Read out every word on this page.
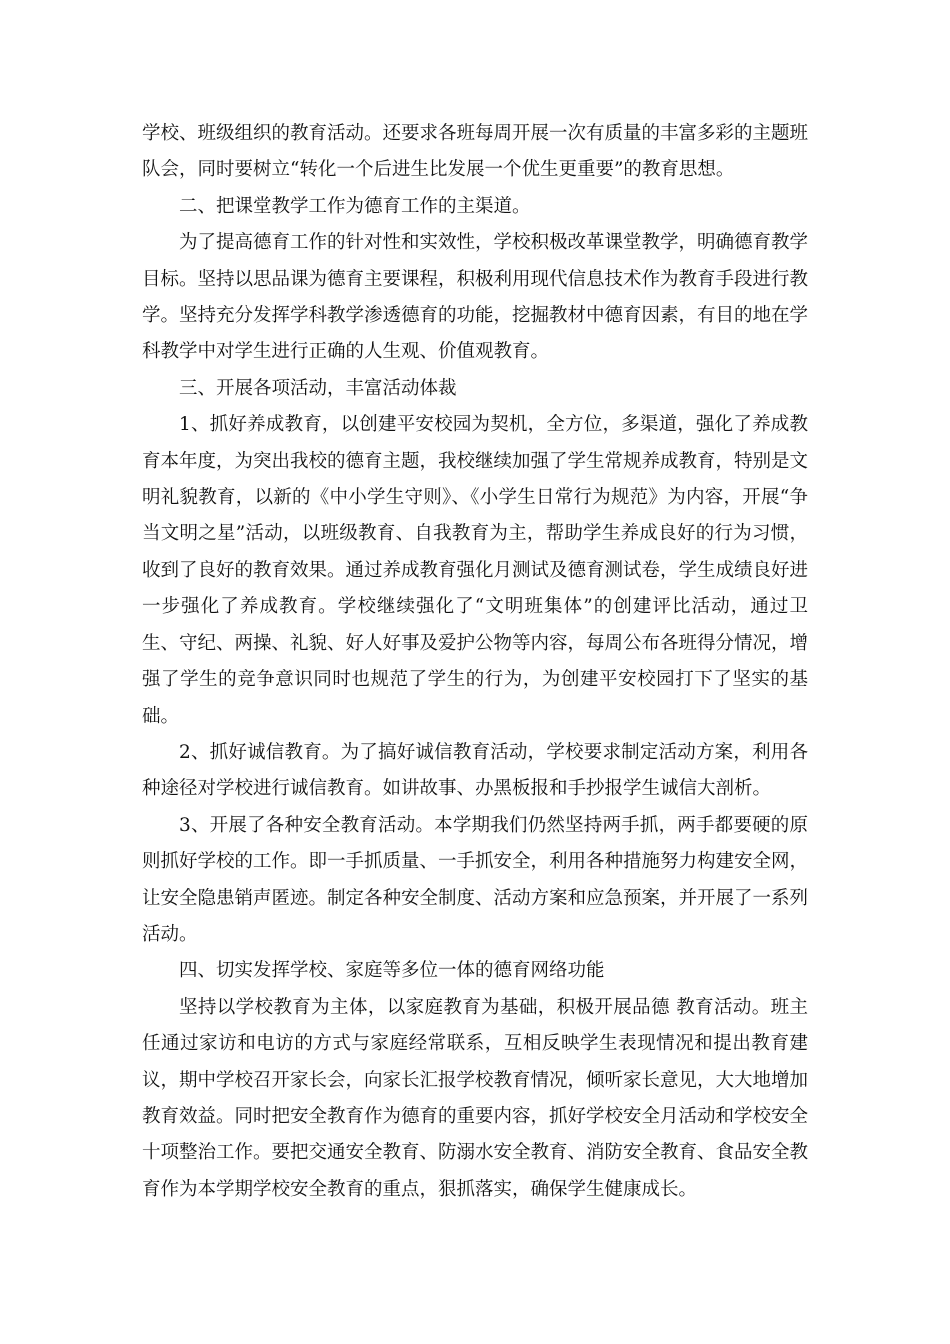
学校、班级组织的教育活动。还要求各班每周开展一次有质量的丰富多彩的主题班队会，同时要树立“转化一个后进生比发展一个优生更重要”的教育思想。

二、把课堂教学工作为德育工作的主渠道。

为了提高德育工作的针对性和实效性，学校积极改革课堂教学，明确德育教学目标。坚持以思品课为德育主要课程，积极利用现代信息技术作为教育手段进行教学。坚持充分发挥学科教学渗透德育的功能，挖掘教材中德育因素，有目的地在学科教学中对学生进行正确的人生观、价值观教育。

三、开展各项活动，丰富活动体裁

1、抓好养成教育，以创建平安校园为契机，全方位，多渠道，强化了养成教育本年度，为突出我校的德育主题，我校继续加强了学生常规养成教育，特别是文明礼貌教育，以新的《中小学生守则》、《小学生日常行为规范》为内容，开展“争当文明之星”活动，以班级教育、自我教育为主，帮助学生养成良好的行为习惯，收到了良好的教育效果。通过养成教育强化月测试及德育测试卷，学生成绩良好进一步强化了养成教育。学校继续强化了“文明班集体”的创建评比活动，通过卫生、守纪、两操、礼貌、好人好事及爱护公物等内容，每周公布各班得分情况，增强了学生的竞争意识同时也规范了学生的行为，为创建平安校园打下了坚实的基础。

2、抓好诚信教育。为了搞好诚信教育活动，学校要求制定活动方案，利用各种途径对学校进行诚信教育。如讲故事、办黑板报和手抄报学生诚信大剖析。

3、开展了各种安全教育活动。本学期我们仍然坚持两手抓，两手都要硬的原则抓好学校的工作。即一手抓质量、一手抓安全，利用各种措施努力构建安全网，让安全隐患销声匿迹。制定各种安全制度、活动方案和应急预案，并开展了一系列活动。

四、切实发挥学校、家庭等多位一体的德育网络功能

坚持以学校教育为主体，以家庭教育为基础，积极开展品德 教育活动。班主任通过家访和电访的方式与家庭经常联系，互相反映学生表现情况和提出教育建议，期中学校召开家长会，向家长汇报学校教育情况，倾听家长意见，大大地增加教育效益。同时把安全教育作为德育的重要内容，抓好学校安全月活动和学校安全十项整治工作。要把交通安全教育、防溺水安全教育、消防安全教育、食品安全教育作为本学期学校安全教育的重点，狠抓落实，确保学生健康成长。
